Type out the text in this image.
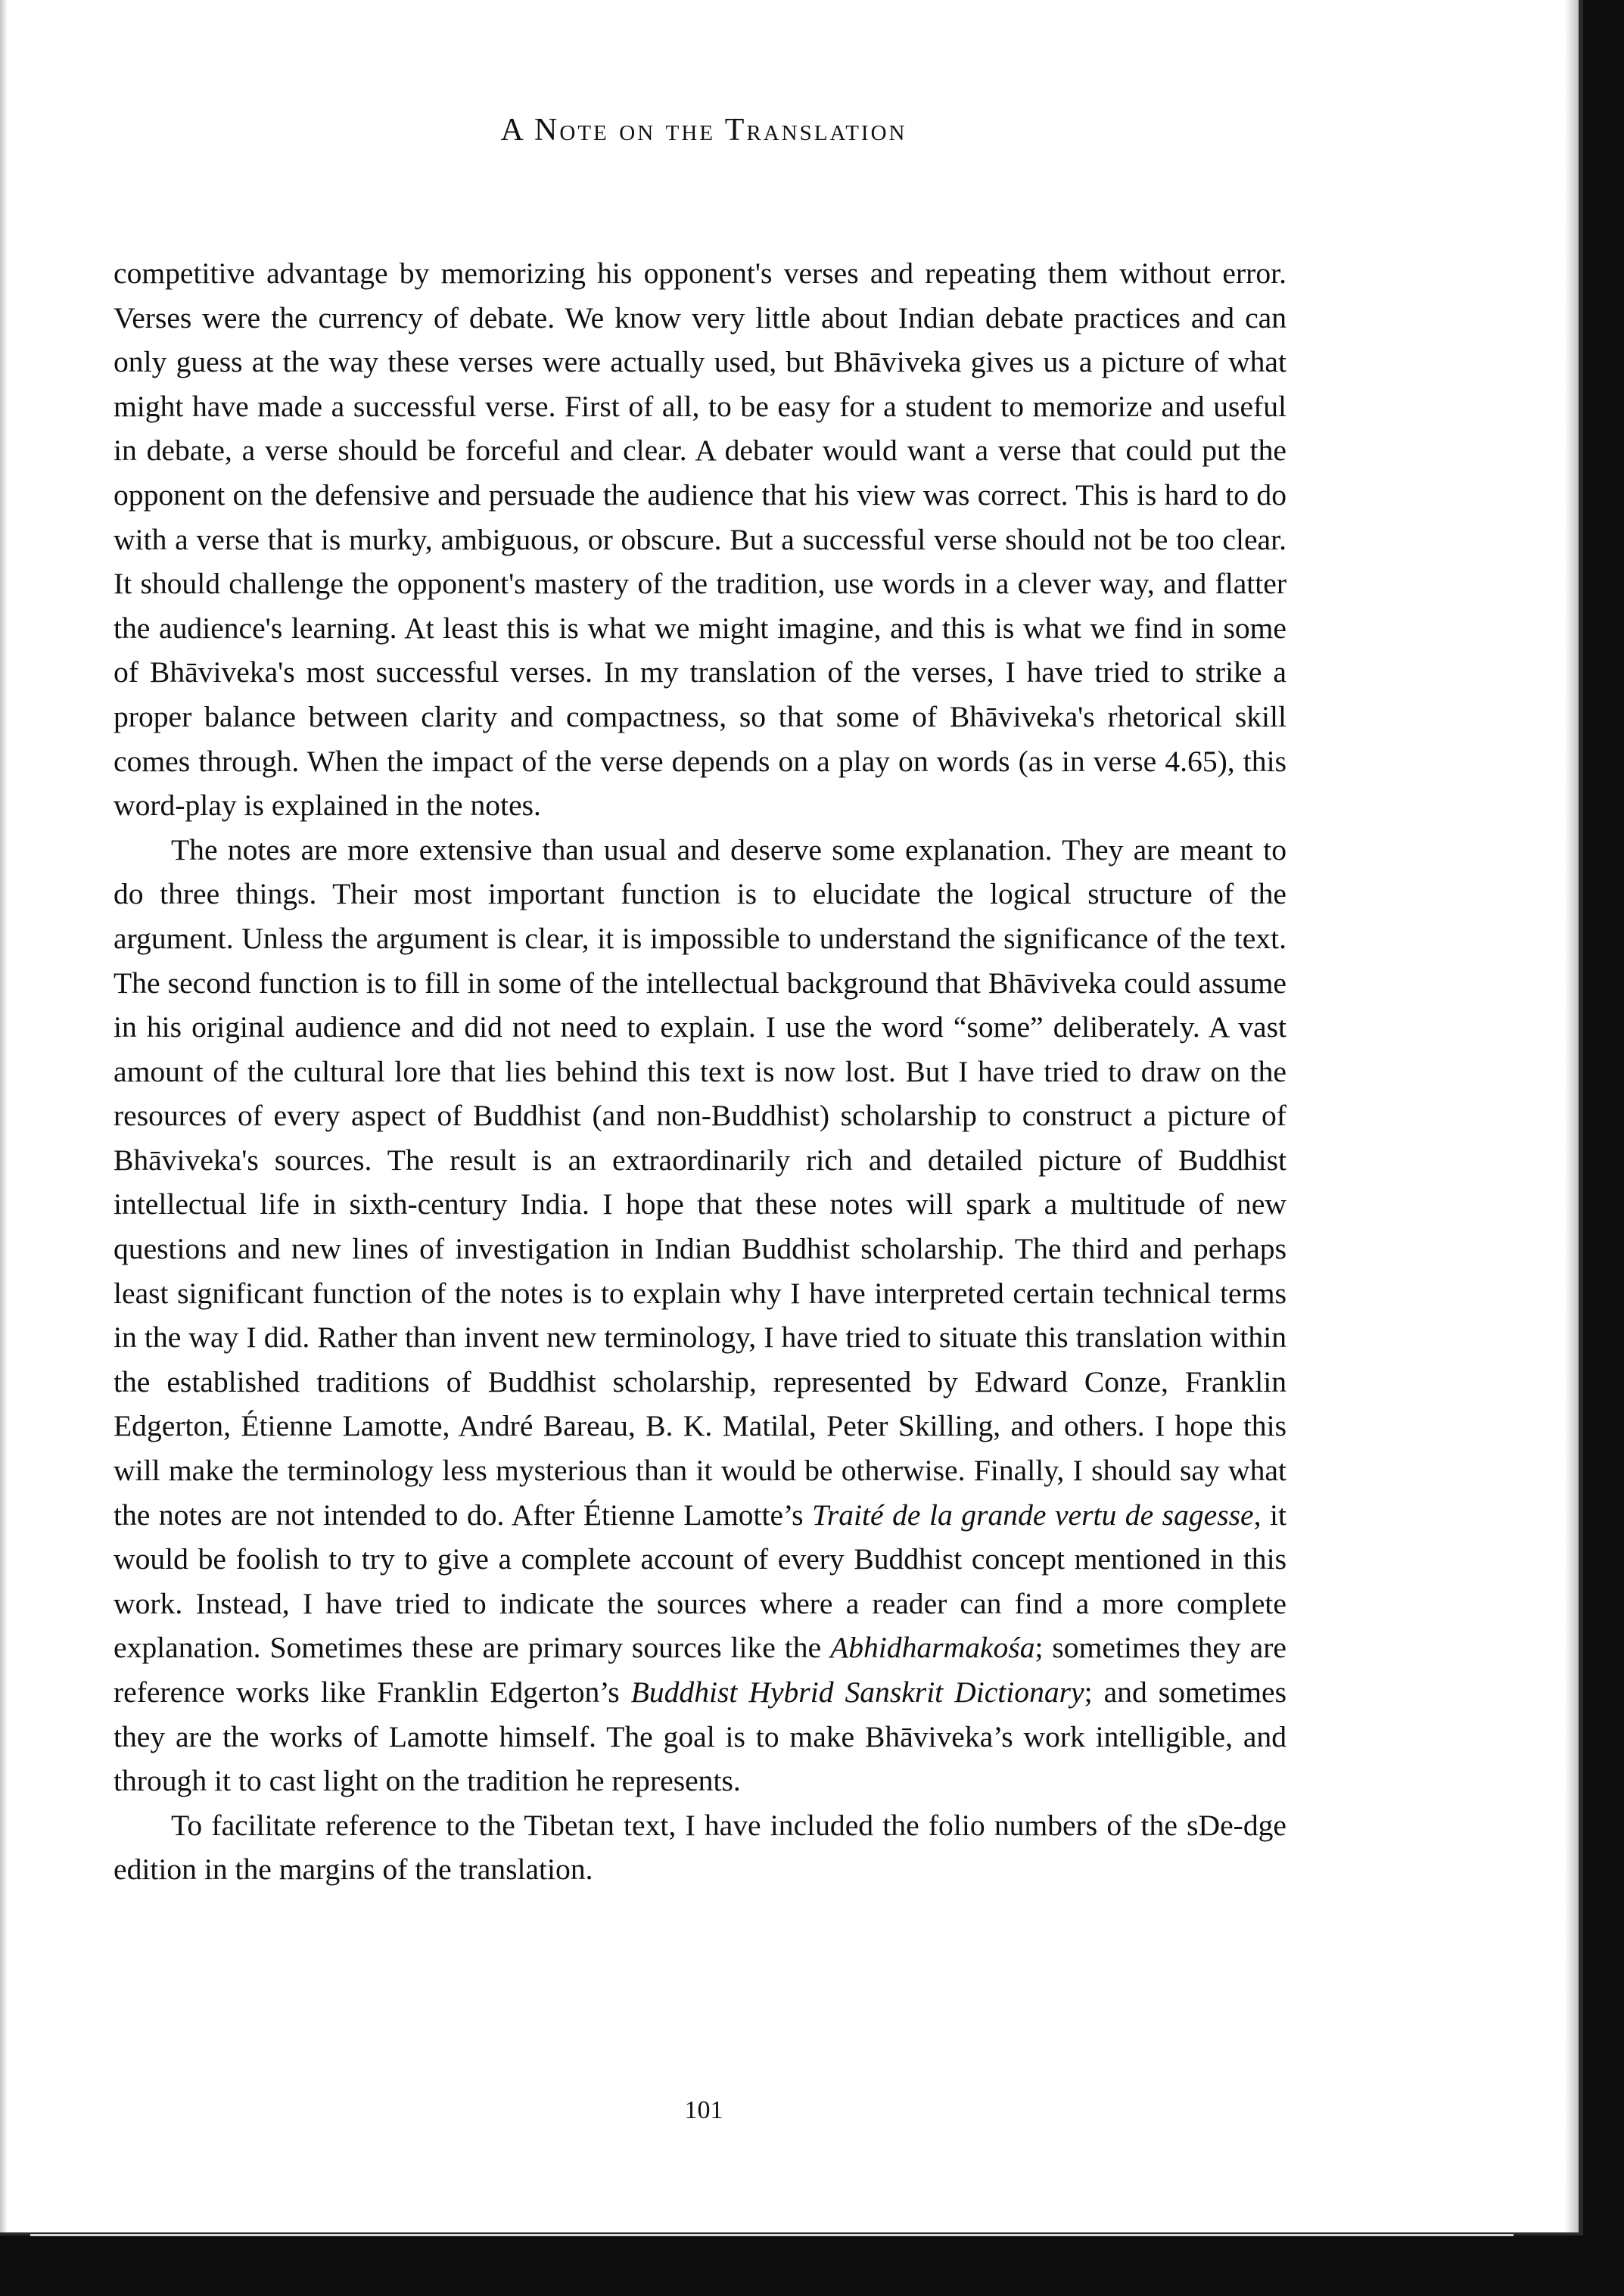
A Note on the Translation

competitive advantage by memorizing his opponent's verses and repeating them without error. Verses were the currency of debate. We know very little about Indian debate practices and can only guess at the way these verses were actually used, but Bhāviveka gives us a picture of what might have made a successful verse. First of all, to be easy for a student to memorize and useful in debate, a verse should be forceful and clear. A debater would want a verse that could put the opponent on the defensive and persuade the audience that his view was correct. This is hard to do with a verse that is murky, ambiguous, or obscure. But a successful verse should not be too clear. It should challenge the opponent's mastery of the tradition, use words in a clever way, and flatter the audience's learning. At least this is what we might imagine, and this is what we find in some of Bhāviveka's most successful verses. In my translation of the verses, I have tried to strike a proper balance between clarity and compactness, so that some of Bhāviveka's rhetorical skill comes through. When the impact of the verse depends on a play on words (as in verse 4.65), this word-play is explained in the notes.

The notes are more extensive than usual and deserve some explanation. They are meant to do three things. Their most important function is to elucidate the logical structure of the argument. Unless the argument is clear, it is impossible to understand the significance of the text. The second function is to fill in some of the intellectual background that Bhāviveka could assume in his original audience and did not need to explain. I use the word “some” deliberately. A vast amount of the cultural lore that lies behind this text is now lost. But I have tried to draw on the resources of every aspect of Buddhist (and non-Buddhist) scholarship to construct a picture of Bhāviveka's sources. The result is an extraordinarily rich and detailed picture of Buddhist intellectual life in sixth-century India. I hope that these notes will spark a multitude of new questions and new lines of investigation in Indian Buddhist scholarship. The third and perhaps least significant function of the notes is to explain why I have interpreted certain technical terms in the way I did. Rather than invent new terminology, I have tried to situate this translation within the established traditions of Buddhist scholarship, represented by Edward Conze, Franklin Edgerton, Étienne Lamotte, André Bareau, B. K. Matilal, Peter Skilling, and others. I hope this will make the terminology less mysterious than it would be otherwise. Finally, I should say what the notes are not intended to do. After Étienne Lamotte’s Traité de la grande vertu de sagesse, it would be foolish to try to give a complete account of every Buddhist concept mentioned in this work. Instead, I have tried to indicate the sources where a reader can find a more complete explanation. Sometimes these are primary sources like the Abhidharmakośa; sometimes they are reference works like Franklin Edgerton’s Buddhist Hybrid Sanskrit Dictionary; and sometimes they are the works of Lamotte himself. The goal is to make Bhāviveka’s work intelligible, and through it to cast light on the tradition he represents.

To facilitate reference to the Tibetan text, I have included the folio numbers of the sDe-dge edition in the margins of the translation.

101
